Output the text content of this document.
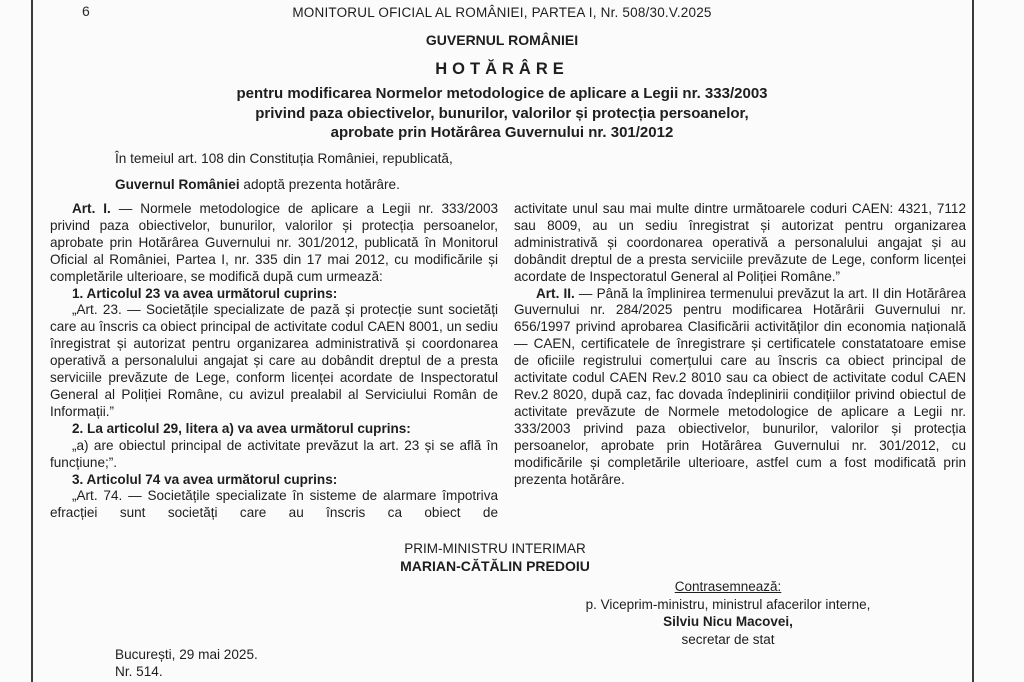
6	MONITORUL OFICIAL AL ROMÂNIEI, PARTEA I, Nr. 508/30.V.2025
GUVERNUL ROMÂNIEI
HOTĂRÂRE
pentru modificarea Normelor metodologice de aplicare a Legii nr. 333/2003
privind paza obiectivelor, bunurilor, valorilor și protecția persoanelor,
aprobate prin Hotărârea Guvernului nr. 301/2012
În temeiul art. 108 din Constituția României, republicată,
Guvernul României adoptă prezenta hotărâre.

Art. I. — Normele metodologice de aplicare a Legii nr. 333/2003 privind paza obiectivelor, bunurilor, valorilor și protecția persoanelor, aprobate prin Hotărârea Guvernului nr. 301/2012, publicată în Monitorul Oficial al României, Partea I, nr. 335 din 17 mai 2012, cu modificările și completările ulterioare, se modifică după cum urmează:

1. Articolul 23 va avea următorul cuprins:

„Art. 23. — Societățile specializate de pază și protecție sunt societăți care au înscris ca obiect principal de activitate codul CAEN 8001, un sediu înregistrat și autorizat pentru organizarea administrativă și coordonarea operativă a personalului angajat și care au dobândit dreptul de a presta serviciile prevăzute de Lege, conform licenței acordate de Inspectoratul General al Poliției Române, cu avizul prealabil al Serviciului Român de Informații.”

2. La articolul 29, litera a) va avea următorul cuprins:

„a) are obiectul principal de activitate prevăzut la art. 23 și se află în funcțiune;”.

3. Articolul 74 va avea următorul cuprins:

„Art. 74. — Societățile specializate în sisteme de alarmare împotriva efracției sunt societăți care au înscris ca obiect de

activitate unul sau mai multe dintre următoarele coduri CAEN: 4321, 7112 sau 8009, au un sediu înregistrat și autorizat pentru organizarea administrativă și coordonarea operativă a personalului angajat și au dobândit dreptul de a presta serviciile prevăzute de Lege, conform licenței acordate de Inspectoratul General al Poliției Române.”

Art. II. — Până la împlinirea termenului prevăzut la art. II din Hotărârea Guvernului nr. 284/2025 pentru modificarea Hotărârii Guvernului nr. 656/1997 privind aprobarea Clasificării activităților din economia națională — CAEN, certificatele de înregistrare și certificatele constatatoare emise de oficiile registrului comerțului care au înscris ca obiect principal de activitate codul CAEN Rev.2 8010 sau ca obiect de activitate codul CAEN Rev.2 8020, după caz, fac dovada îndeplinirii condițiilor privind obiectul de activitate prevăzute de Normele metodologice de aplicare a Legii nr. 333/2003 privind paza obiectivelor, bunurilor, valorilor și protecția persoanelor, aprobate prin Hotărârea Guvernului nr. 301/2012, cu modificările și completările ulterioare, astfel cum a fost modificată prin prezenta hotărâre.

PRIM-MINISTRU INTERIMAR
MARIAN-CĂTĂLIN PREDOIU
Contrasemnează:
p. Viceprim-ministru, ministrul afacerilor interne,
Silviu Nicu Macovei,
secretar de stat
București, 29 mai 2025.
Nr. 514.
